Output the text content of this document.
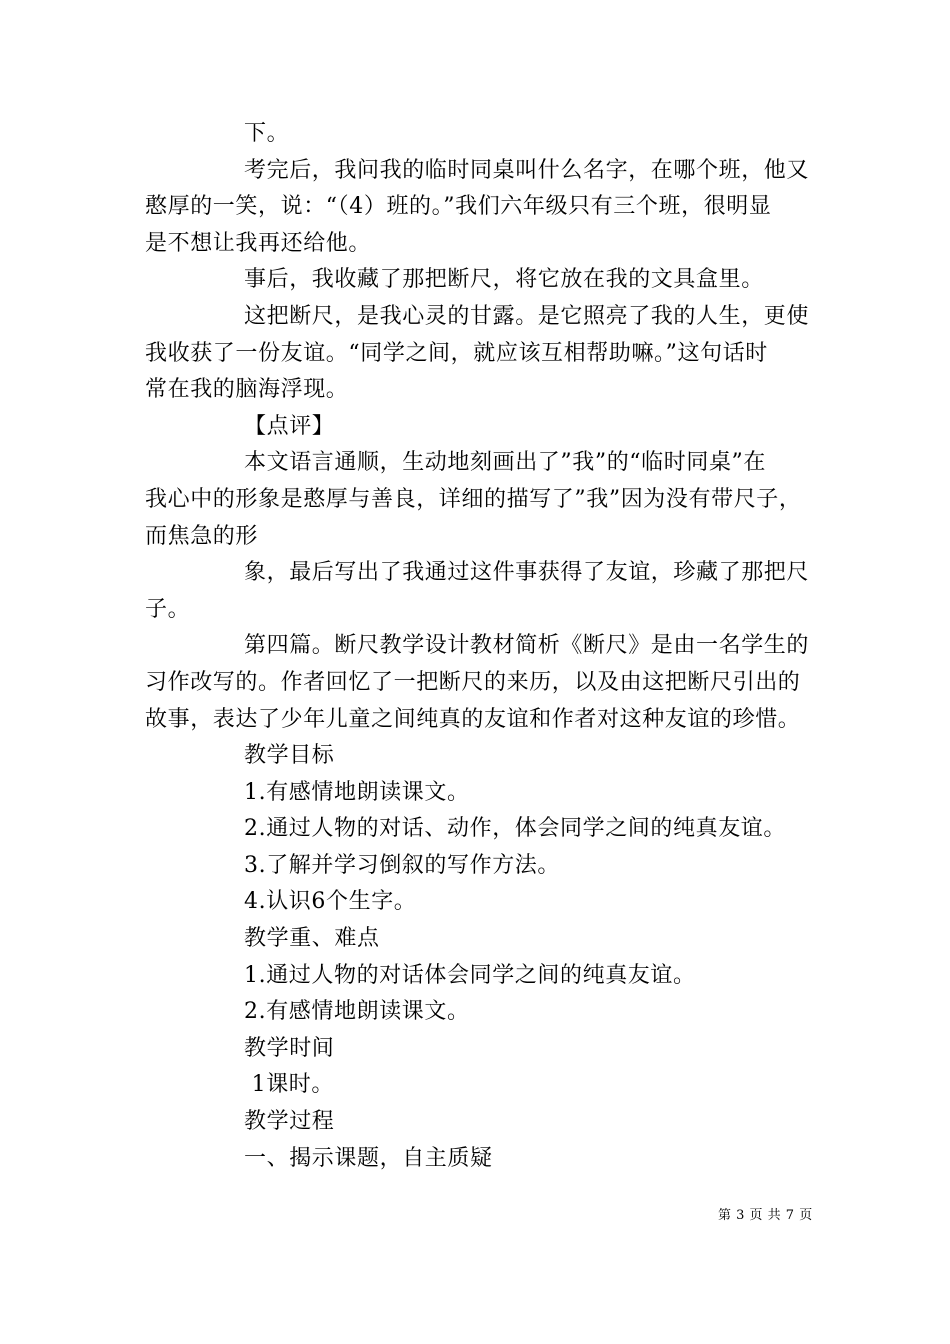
下。
考完后，我问我的临时同桌叫什么名字，在哪个班，他又
憨厚的一笑，说：“（4）班的。”我们六年级只有三个班，很明显
是不想让我再还给他。
事后，我收藏了那把断尺，将它放在我的文具盒里。
这把断尺，是我心灵的甘露。是它照亮了我的人生，更使
我收获了一份友谊。“同学之间，就应该互相帮助嘛。”这句话时
常在我的脑海浮现。
【点评】
本文语言通顺，生动地刻画出了”我”的“临时同桌”在
我心中的形象是憨厚与善良，详细的描写了”我”因为没有带尺子，
而焦急的形
象，最后写出了我通过这件事获得了友谊，珍藏了那把尺
子。
第四篇。断尺教学设计教材简析《断尺》是由一名学生的
习作改写的。作者回忆了一把断尺的来历，以及由这把断尺引出的
故事，表达了少年儿童之间纯真的友谊和作者对这种友谊的珍惜。
教学目标
1.有感情地朗读课文。
2.通过人物的对话、动作，体会同学之间的纯真友谊。
3.了解并学习倒叙的写作方法。
4.认识6个生字。
教学重、难点
1.通过人物的对话体会同学之间的纯真友谊。
2.有感情地朗读课文。
教学时间
1课时。
教学过程
一、揭示课题，自主质疑
第 3 页 共 7 页
